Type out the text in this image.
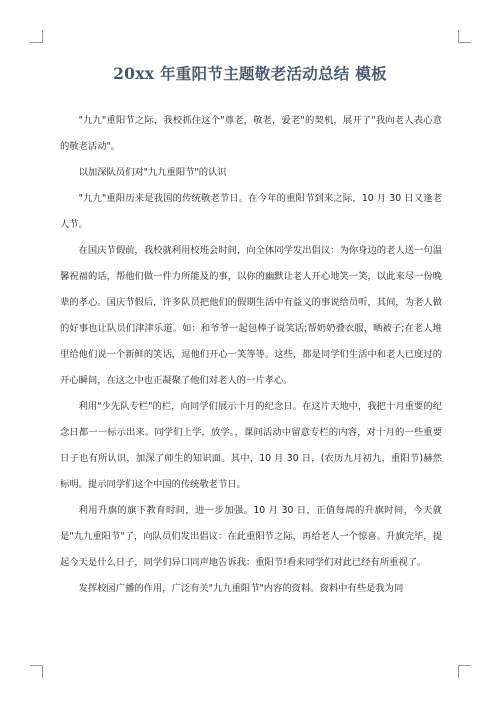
20xx 年重阳节主题敬老活动总结 模板

"九九"重阳节之际，我校抓住这个"尊老，敬老，爱老"的契机，展开了"我向老人表心意的敬老活动"。

以加深队员们对"九九重阳节"的认识

"九九"重阳历来是我国的传统敬老节日。在今年的重阳节到来之际，10 月 30 日又逢老人节。

在国庆节假前，我校就利用校班会时间，向全体同学发出倡议：为你身边的老人送一句温馨祝福的话，帮他们做一件力所能及的事，以你的幽默让老人开心地笑一笑，以此来尽一份晚辈的孝心。国庆节假后，许多队员把他们的假期生活中有益义的事说给员听，其间，为老人做的好事也让队员们津津乐道。如：和爷爷一起包棒子说笑话;帮奶奶叠衣服，晒被子;在老人堆里给他们说一个新鲜的笑话，逗他们开心一笑等等。这些，都是同学们生活中和老人已度过的开心瞬间，在这之中也正凝聚了他们对老人的一片孝心。

利用"少先队专栏"的栏，向同学们展示十月的纪念日。在这片天地中，我把十月重要的纪念日都一一标示出来。同学们上学，放学。，课间活动中留意专栏的内容，对十月的一些重要日子也有所认识，加深了师生的知识面。其中，10 月 30 日，(农历九月初九，重阳节)赫然标明。提示同学们这个中国的传统敬老节日。

利用升旗的旗下教育时间，进一步加强。10 月 30 日，正值每周的升旗时间，今天就是"九九重阳节"了，向队员们发出倡议：在此重阳节之际，再给老人一个惊喜。升旗完毕，提起今天是什么日子，同学们异口同声地告诉我：重阳节!看来同学们对此已经有所重视了。

发挥校园广播的作用，广泛有关"九九重阳节"内容的资料。资料中有些是我为同
